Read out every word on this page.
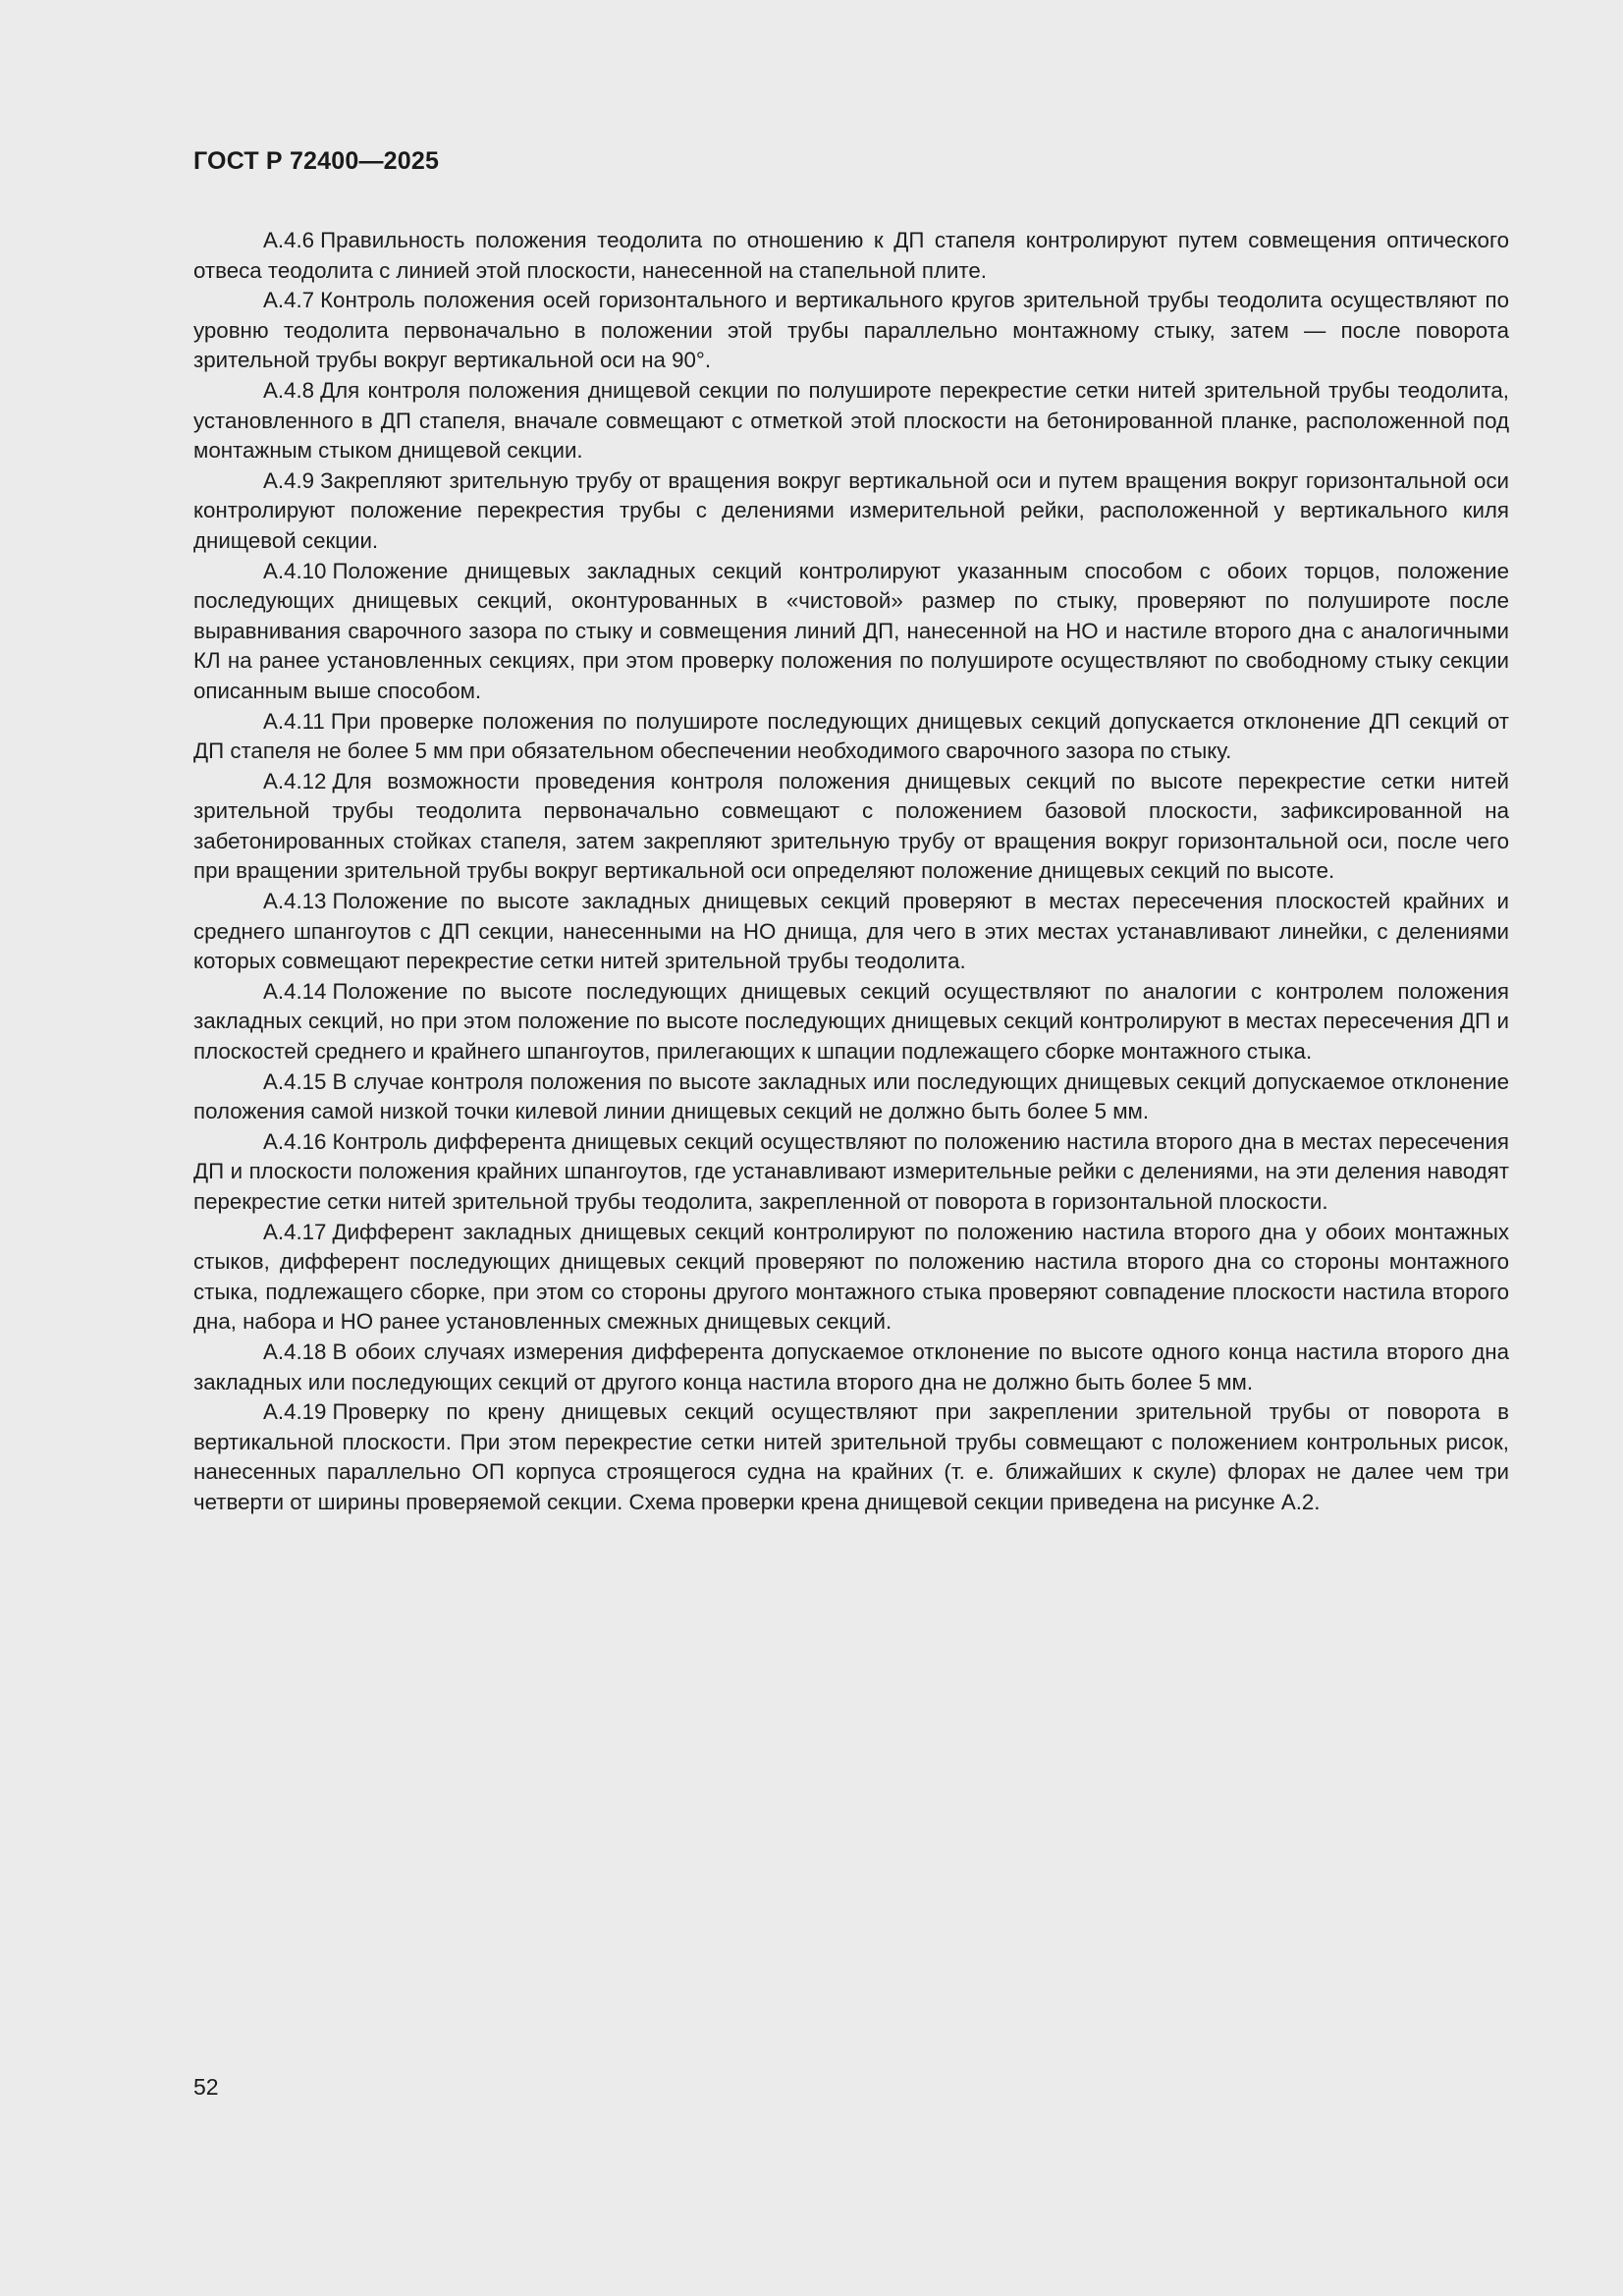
ГОСТ Р 72400—2025

А.4.6 Правильность положения теодолита по отношению к ДП стапеля контролируют путем совмещения оптического отвеса теодолита с линией этой плоскости, нанесенной на стапельной плите.

А.4.7 Контроль положения осей горизонтального и вертикального кругов зрительной трубы теодолита осуществляют по уровню теодолита первоначально в положении этой трубы параллельно монтажному стыку, затем — после поворота зрительной трубы вокруг вертикальной оси на 90°.

А.4.8 Для контроля положения днищевой секции по полушироте перекрестие сетки нитей зрительной трубы теодолита, установленного в ДП стапеля, вначале совмещают с отметкой этой плоскости на бетонированной планке, расположенной под монтажным стыком днищевой секции.

А.4.9 Закрепляют зрительную трубу от вращения вокруг вертикальной оси и путем вращения вокруг горизонтальной оси контролируют положение перекрестия трубы с делениями измерительной рейки, расположенной у вертикального киля днищевой секции.

А.4.10 Положение днищевых закладных секций контролируют указанным способом с обоих торцов, положение последующих днищевых секций, оконтурованных в «чистовой» размер по стыку, проверяют по полушироте после выравнивания сварочного зазора по стыку и совмещения линий ДП, нанесенной на НО и настиле второго дна с аналогичными КЛ на ранее установленных секциях, при этом проверку положения по полушироте осуществляют по свободному стыку секции описанным выше способом.

А.4.11 При проверке положения по полушироте последующих днищевых секций допускается отклонение ДП секций от ДП стапеля не более 5 мм при обязательном обеспечении необходимого сварочного зазора по стыку.

А.4.12 Для возможности проведения контроля положения днищевых секций по высоте перекрестие сетки нитей зрительной трубы теодолита первоначально совмещают с положением базовой плоскости, зафиксированной на забетонированных стойках стапеля, затем закрепляют зрительную трубу от вращения вокруг горизонтальной оси, после чего при вращении зрительной трубы вокруг вертикальной оси определяют положение днищевых секций по высоте.

А.4.13 Положение по высоте закладных днищевых секций проверяют в местах пересечения плоскостей крайних и среднего шпангоутов с ДП секции, нанесенными на НО днища, для чего в этих местах устанавливают линейки, с делениями которых совмещают перекрестие сетки нитей зрительной трубы теодолита.

А.4.14 Положение по высоте последующих днищевых секций осуществляют по аналогии с контролем положения закладных секций, но при этом положение по высоте последующих днищевых секций контролируют в местах пересечения ДП и плоскостей среднего и крайнего шпангоутов, прилегающих к шпации подлежащего сборке монтажного стыка.

А.4.15 В случае контроля положения по высоте закладных или последующих днищевых секций допускаемое отклонение положения самой низкой точки килевой линии днищевых секций не должно быть более 5 мм.

А.4.16 Контроль дифферента днищевых секций осуществляют по положению настила второго дна в местах пересечения ДП и плоскости положения крайних шпангоутов, где устанавливают измерительные рейки с делениями, на эти деления наводят перекрестие сетки нитей зрительной трубы теодолита, закрепленной от поворота в горизонтальной плоскости.

А.4.17 Дифферент закладных днищевых секций контролируют по положению настила второго дна у обоих монтажных стыков, дифферент последующих днищевых секций проверяют по положению настила второго дна со стороны монтажного стыка, подлежащего сборке, при этом со стороны другого монтажного стыка проверяют совпадение плоскости настила второго дна, набора и НО ранее установленных смежных днищевых секций.

А.4.18 В обоих случаях измерения дифферента допускаемое отклонение по высоте одного конца настила второго дна закладных или последующих секций от другого конца настила второго дна не должно быть более 5 мм.

А.4.19 Проверку по крену днищевых секций осуществляют при закреплении зрительной трубы от поворота в вертикальной плоскости. При этом перекрестие сетки нитей зрительной трубы совмещают с положением контрольных рисок, нанесенных параллельно ОП корпуса строящегося судна на крайних (т. е. ближайших к скуле) флорах не далее чем три четверти от ширины проверяемой секции. Схема проверки крена днищевой секции приведена на рисунке А.2.

52
